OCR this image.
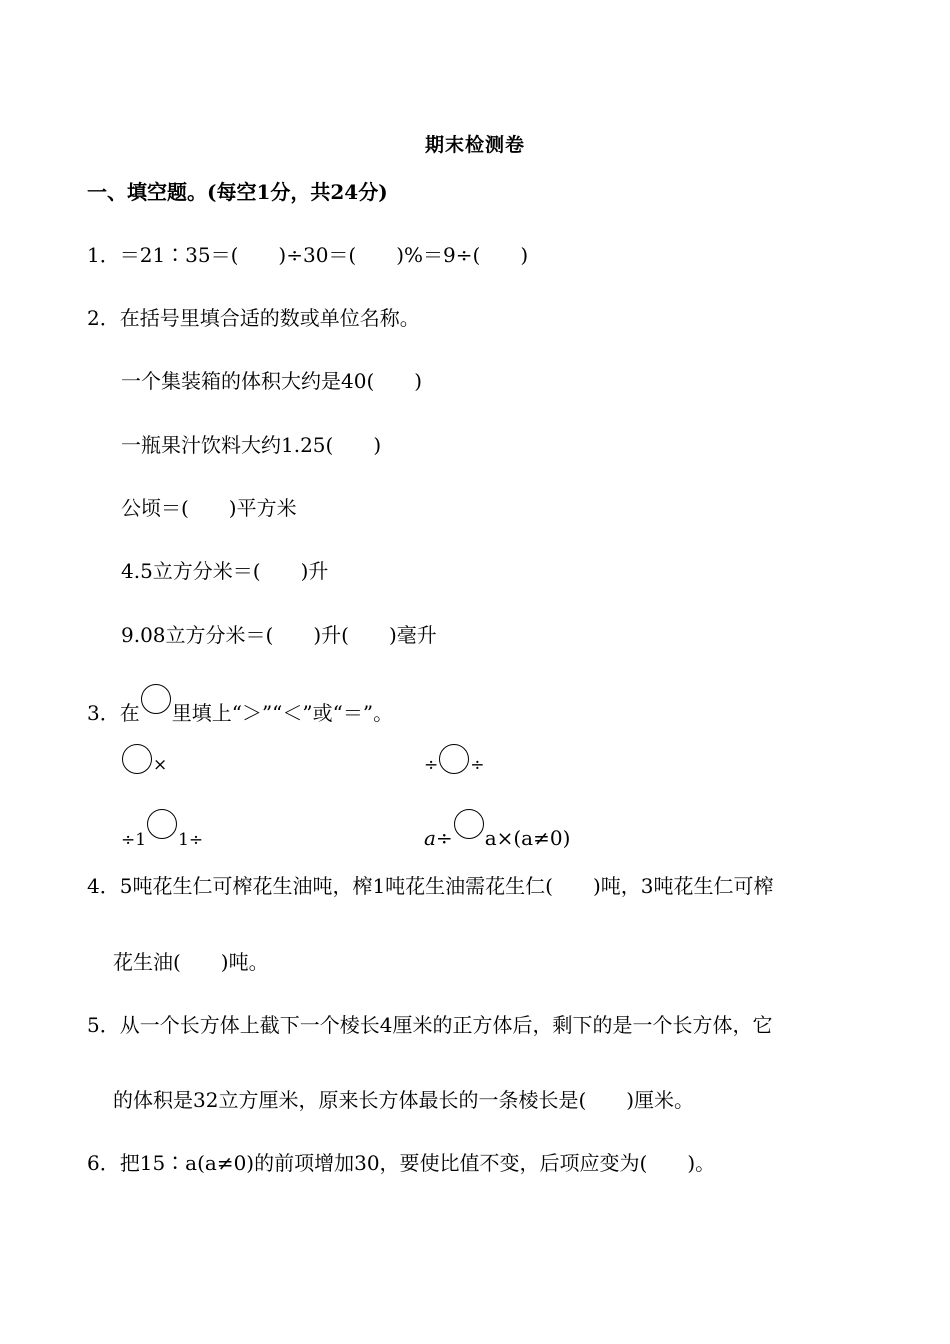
期末检测卷
一、填空题。(每空1分，共24分)
1．＝21∶35＝(　　)÷30＝(　　)%＝9÷(　　)
2．在括号里填合适的数或单位名称。
一个集装箱的体积大约是40(　　)
一瓶果汁饮料大约1.25(　　)
公顷＝(　　)平方米
4.5立方分米＝(　　)升
9.08立方分米＝(　　)升(　　)毫升
3．在 里填上“＞”“＜”或“＝”。
×	÷ ÷
÷1 1÷	a÷ a×(a≠0)
4．5吨花生仁可榨花生油吨，榨1吨花生油需花生仁(　　)吨，3吨花生仁可榨
花生油(　　)吨。
5．从一个长方体上截下一个棱长4厘米的正方体后，剩下的是一个长方体，它
的体积是32立方厘米，原来长方体最长的一条棱长是(　　)厘米。
6．把15∶a(a≠0)的前项增加30，要使比值不变，后项应变为(　　)。
